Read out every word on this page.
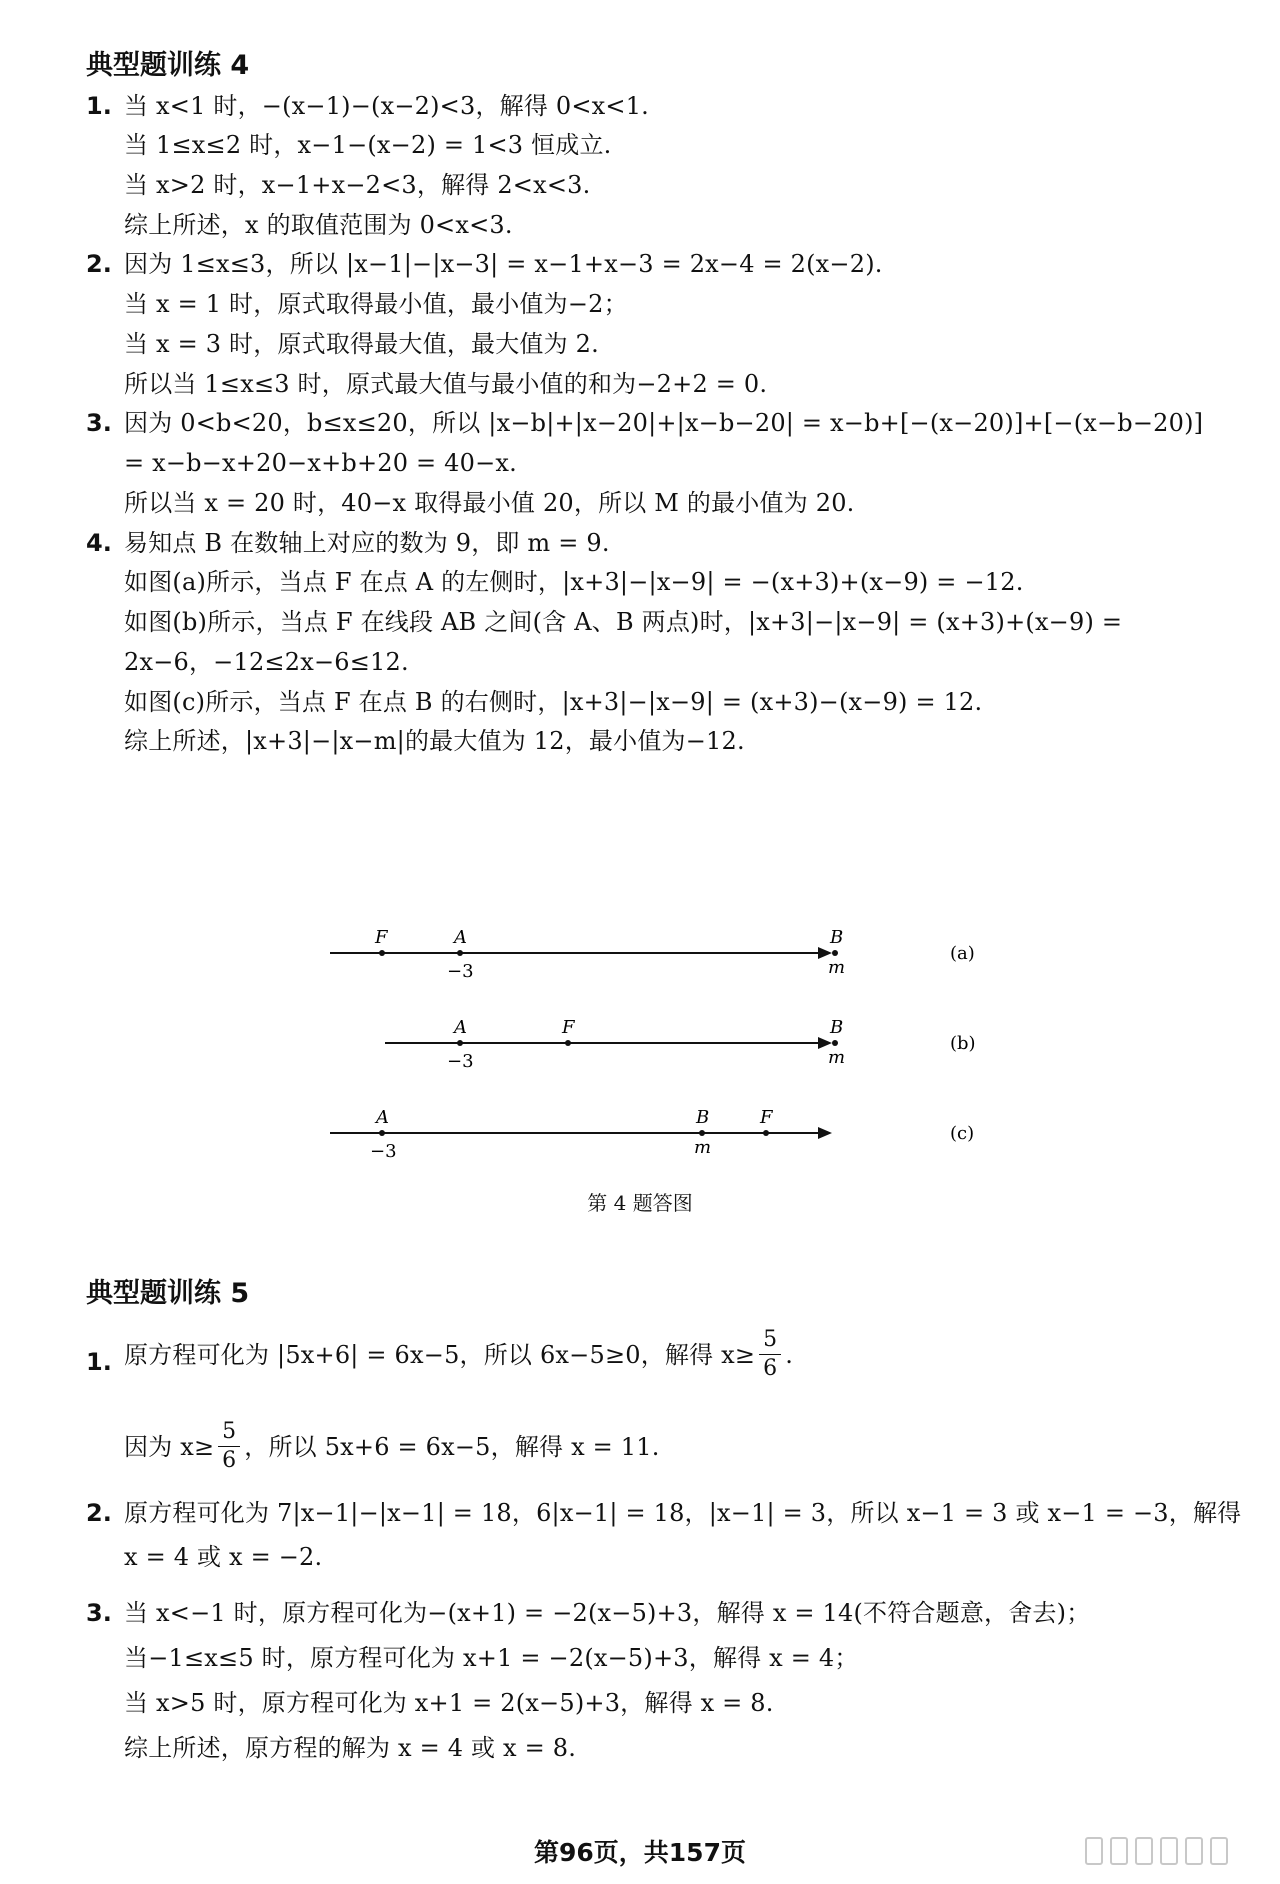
典型题训练 4
1. 当 x<1 时，−(x−1)−(x−2)<3，解得 0<x<1.
当 1≤x≤2 时，x−1−(x−2) = 1<3 恒成立.
当 x>2 时，x−1+x−2<3，解得 2<x<3.
综上所述，x 的取值范围为 0<x<3.
2. 因为 1≤x≤3，所以 |x−1|−|x−3| = x−1+x−3 = 2x−4 = 2(x−2).
当 x = 1 时，原式取得最小值，最小值为−2；
当 x = 3 时，原式取得最大值，最大值为 2.
所以当 1≤x≤3 时，原式最大值与最小值的和为−2+2 = 0.
3. 因为 0<b<20，b≤x≤20，所以 |x−b|+|x−20|+|x−b−20| = x−b+[−(x−20)]+[−(x−b−20)]
= x−b−x+20−x+b+20 = 40−x.
所以当 x = 20 时，40−x 取得最小值 20，所以 M 的最小值为 20.
4. 易知点 B 在数轴上对应的数为 9，即 m = 9.
如图(a)所示，当点 F 在点 A 的左侧时，|x+3|−|x−9| = −(x+3)+(x−9) = −12.
如图(b)所示，当点 F 在线段 AB 之间(含 A、B 两点)时，|x+3|−|x−9| = (x+3)+(x−9) =
2x−6，−12≤2x−6≤12.
如图(c)所示，当点 F 在点 B 的右侧时，|x+3|−|x−9| = (x+3)−(x−9) = 12.
综上所述，|x+3|−|x−m|的最大值为 12，最小值为−12.
F	A
−3
B
m
(a)
A
−3
F	B
m
(b)
A
−3
B
m
F
(c)
第 4 题答图
典型题训练 5
1. 原方程可化为 |5x+6| = 6x−5，所以 6x−5≥0，解得 $x\ge \frac{5}{6}$ .
因为 $x\ge \frac{5}{6}$ ，所以 5x+6 = 6x−5，解得 x = 11.
2. 原方程可化为 7|x−1|−|x−1| = 18，6|x−1| = 18，|x−1| = 3，所以 x−1 = 3 或 x−1 = −3，解得
x = 4 或 x = −2.
3. 当 x<−1 时，原方程可化为−(x+1) = −2(x−5)+3，解得 x = 14(不符合题意，舍去)；
当−1≤x≤5 时，原方程可化为 x+1 = −2(x−5)+3，解得 x = 4；
当 x>5 时，原方程可化为 x+1 = 2(x−5)+3，解得 x = 8.
综上所述，原方程的解为 x = 4 或 x = 8.
第96页，共157页
